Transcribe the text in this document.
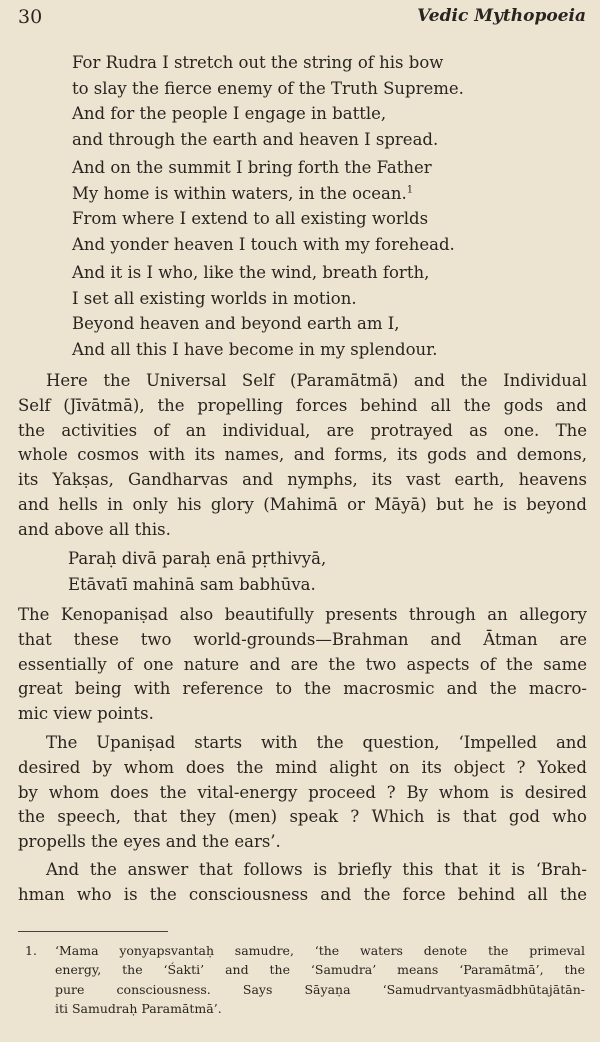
30	Vedic Mythopoeia
For Rudra I stretch out the string of his bow
to slay the fierce enemy of the Truth Supreme.
And for the people I engage in battle,
and through the earth and heaven I spread.
And on the summit I bring forth the Father
My home is within waters, in the ocean.$^1$
From where I extend to all existing worlds
And yonder heaven I touch with my forehead.
And it is I who, like the wind, breath forth,
I set all existing worlds in motion.
Beyond heaven and beyond earth am I,
And all this I have become in my splendour.
Here the Universal Self (Paramātmā) and the Individual
Self (Jīvātmā), the propelling forces behind all the gods and
the activities of an individual, are protrayed as one. The
whole cosmos with its names, and forms, its gods and demons,
its Yakṣas, Gandharvas and nymphs, its vast earth, heavens
and hells in only his glory (Mahimā or Māyā) but he is beyond
and above all this.
Paraḥ divā paraḥ enā pṛthivyā,
Etāvatī mahinā sam babhūva.
The Kenopaniṣad also beautifully presents through an allegory
that these two world-grounds—Brahman and Ātman are
essentially of one nature and are the two aspects of the same
great being with reference to the macrosmic and the macro-
mic view points.
The Upaniṣad starts with the question, ‘Impelled and
desired by whom does the mind alight on its object ? Yoked
by whom does the vital-energy proceed ? By whom is desired
the speech, that they (men) speak ? Which is that god who
propells the eyes and the ears’.
And the answer that follows is briefly this that it is ‘Brah-
hman who is the consciousness and the force behind all the
1. ‘Mama yonyapsvantaḥ samudre, ‘the waters denote the primeval
energy, the ‘Śakti’ and the ‘Samudra’ means ‘Paramātmā’, the
pure consciousness. Says Sāyaṇa ‘Samudrvantyasmādbhūtajātān-
iti Samudraḥ Paramātmā’.
